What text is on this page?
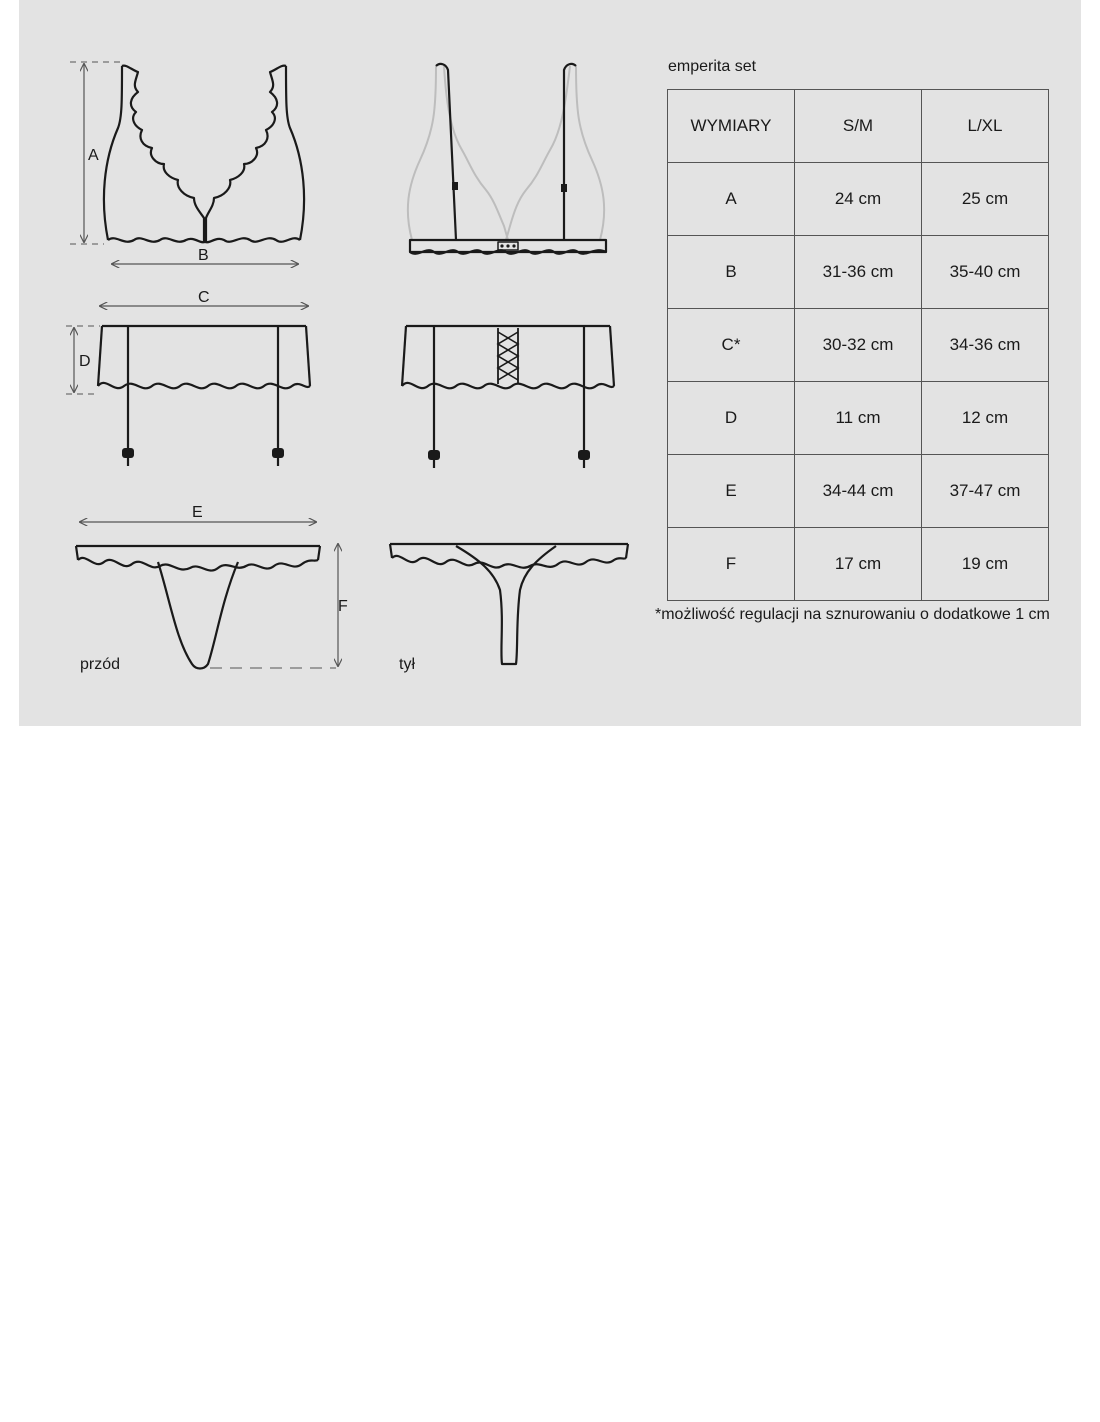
A
B
C
D
E
F
przód	tył
emperita set
WYMIARY	S/M	L/XL
A	24 cm	25 cm
B	31-36 cm	35-40 cm
C*	30-32 cm	34-36 cm
D	11 cm	12 cm
E	34-44 cm	37-47 cm
F	17 cm	19 cm
*możliwość regulacji na sznurowaniu o dodatkowe 1 cm
